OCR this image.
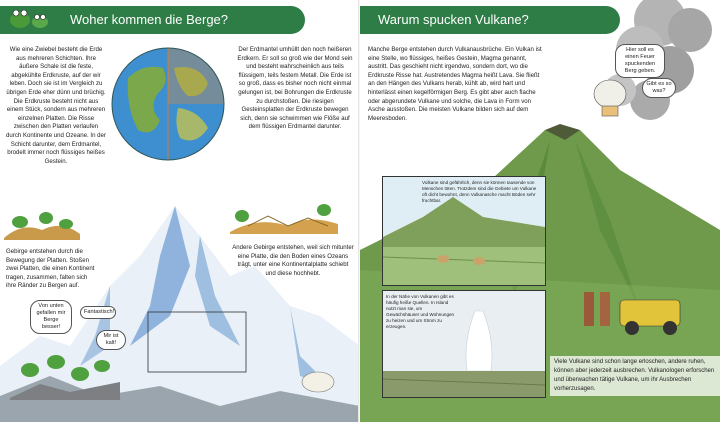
Woher kommen die Berge?
Wie eine Zwiebel besteht die Erde aus mehreren Schichten. Ihre äußere Schale ist die feste, abgekühlte Erdkruste, auf der wir leben. Doch sie ist im Vergleich zu übrigen Erde eher dünn und brüchig. Die Erdkruste besteht nicht aus einem Stück, sondern aus mehreren einzelnen Platten. Die Risse zwischen den Platten verlaufen durch Kontinente und Ozeane. In der Schicht darunter, dem Erdmantel, brodelt immer noch flüssiges heißes Gestein.
Der Erdmantel umhüllt den noch heißeren Erdkern. Er soll so groß wie der Mond sein und besteht wahrscheinlich aus teils flüssigem, teils festem Metall. Die Erde ist so groß, dass es bisher noch nicht einmal gelungen ist, bei Bohrungen die Erdkruste zu durchstoßen. Die riesigen Gesteinsplatten der Erdkruste bewegen sich, denn sie schwimmen wie Flöße auf dem flüssigen Erdmantel darunter.
Gebirge entstehen durch die Bewegung der Platten. Stoßen zwei Platten, die einen Kontinent tragen, zusammen, falten sich ihre Ränder zu Bergen auf.
Andere Gebirge entstehen, weil sich mitunter eine Platte, die den Boden eines Ozeans trägt, unter eine Kontinentalplatte schiebt und diese hochhebt.
Von unten gefallen mir Berge besser!
Fantastisch!
Mir ist kalt!
Warum spucken Vulkane?
Manche Berge entstehen durch Vulkanausbrüche. Ein Vulkan ist eine Stelle, wo flüssiges, heißes Gestein, Magma genannt, austritt. Das geschieht nicht irgendwo, sondern dort, wo die Erdkruste Risse hat. Austretendes Magma heißt Lava. Sie fließt an den Hängen des Vulkans herab, kühlt ab, wird hart und hinterlässt einen kegelförmigen Berg. Es gibt aber auch flache oder abgerundete Vulkane und solche, die Lava in Form von Asche ausstoßen. Die meisten Vulkane bilden sich auf dem Meeresboden.
Hier soll es einen Feuer spuckenden Berg geben.
Gibt es so was?
Vulkane sind gefährlich, denn sie können tausende von Menschen töten. Trotzdem sind die Gebiete um Vulkane oft dicht bewohnt, denn Vulkanasche macht Böden sehr fruchtbar.
In der Nähe von Vulkanen gibt es häufig heiße Quellen. In Island nutzt man sie, um Gewächshäuser und Wohnungen zu heizen und um Strom zu erzeugen.
Viele Vulkane sind schon lange erloschen, andere ruhen, können aber jederzeit ausbrechen. Vulkanologen erforschen und überwachen tätige Vulkane, um ihr Ausbrechen vorherzusagen.
